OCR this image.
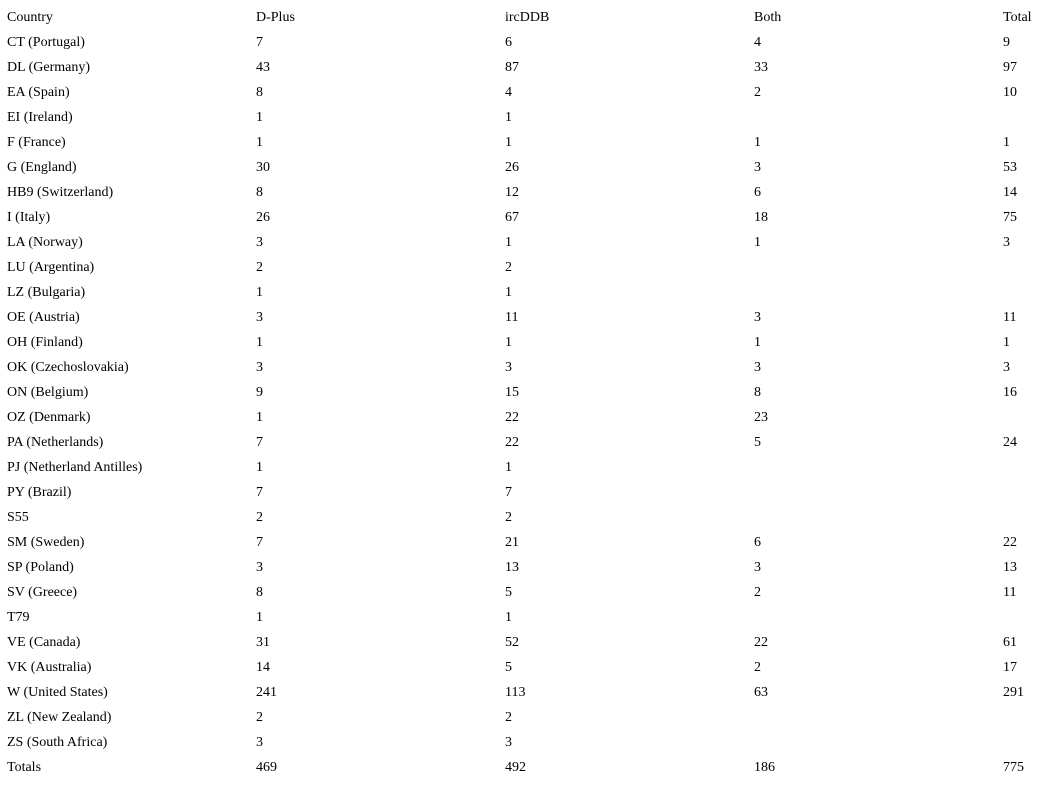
Country	D-Plus	ircDDB	Both	Total
CT (Portugal)	7	6	4	9
DL (Germany)	43	87	33	97
EA (Spain)	8	4	2	10
EI (Ireland)	1	1		
F (France)	1	1	1	1
G (England)	30	26	3	53
HB9 (Switzerland)	8	12	6	14
I (Italy)	26	67	18	75
LA (Norway)	3	1	1	3
LU (Argentina)	2	2		
LZ (Bulgaria)	1	1		
OE (Austria)	3	11	3	11
OH (Finland)	1	1	1	1
OK (Czechoslovakia)	3	3	3	3
ON (Belgium)	9	15	8	16
OZ (Denmark)	1	22	23	
PA (Netherlands)	7	22	5	24
PJ (Netherland Antilles)	1	1		
PY (Brazil)	7	7		
S55	2	2		
SM (Sweden)	7	21	6	22
SP (Poland)	3	13	3	13
SV (Greece)	8	5	2	11
T79	1	1		
VE (Canada)	31	52	22	61
VK (Australia)	14	5	2	17
W (United States)	241	113	63	291
ZL (New Zealand)	2	2		
ZS (South Africa)	3	3		
Totals	469	492	186	775
